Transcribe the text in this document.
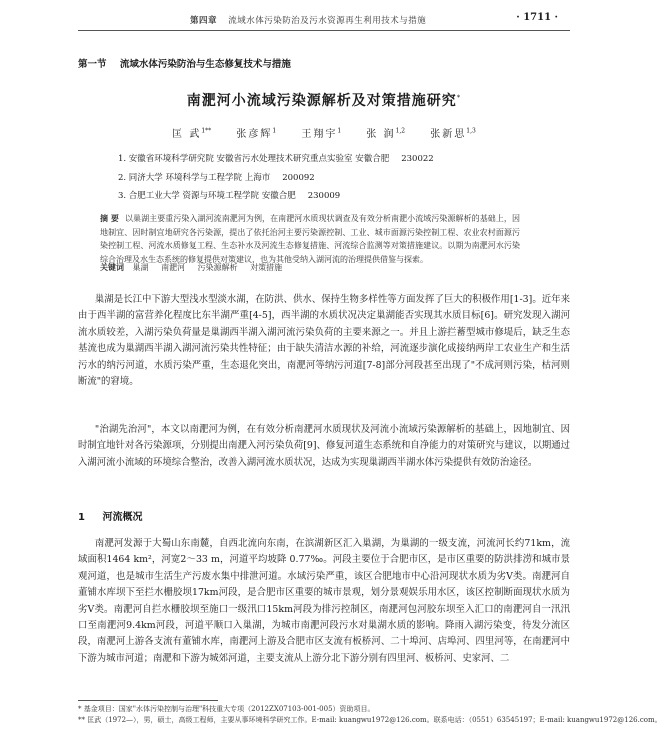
第四章 流域水体污染防治及污水资源再生利用技术与措施	· 1711 ·
第一节 流域水体污染防治与生态修复技术与措施
南淝河小流域污染源解析及对策措施研究*
匡 武$^{1**}$	张彦辉$^1$	王翔宇$^1$	张 润$^{1,2}$	张新思$^{1,3}$
1. 安徽省环境科学研究院 安徽省污水处理技术研究重点实验室 安徽合肥 230022
2. 同济大学 环境科学与工程学院 上海市 200092
3. 合肥工业大学 资源与环境工程学院 安徽合肥 230009
摘 要 以巢湖主要重污染入湖河流南淝河为例，在南淝河水质现状调查及有效分析南淝小流域污染源解析的基础上，因地制宜、因时制宜地研究各污染源，提出了依托治河主要污染源控制、工业、城市面源污染控制工程、农业农村面源污染控制工程、河流水质修复工程、生态补水及河流生态修复措施、河流综合监测等对策措施建议。以期为南淝河水污染综合治理及水生态系统的修复提供对策建议，也为其他受纳入湖河流的治理提供借鉴与探索。
关键词 巢湖 南淝河 污染源解析 对策措施

巢湖是长江中下游大型浅水型淡水湖，在防洪、供水、保持生物多样性等方面发挥了巨大的积极作用[1-3]。近年来由于西半湖的富营养化程度比东半湖严重[4-5]，西半湖的水质状况决定巢湖能否实现其水质目标[6]。研究发现入湖河流水质较差，入湖污染负荷量是巢湖西半湖入湖河流污染负荷的主要来源之一。并且上游拦蓄型城市修堤后，缺乏生态基流也成为巢湖西半湖入湖河流污染共性特征；由于缺失清洁水源的补给，河流逐步演化成接纳两岸工农业生产和生活污水的纳污河道，水质污染严重，生态退化突出，南淝河等纳污河道[7-8]部分河段甚至出现了"不成河则污染，枯河则断流"的窘境。

"治湖先治河"，本文以南淝河为例，在有效分析南淝河水质现状及河流小流域污染源解析的基础上，因地制宜、因时制宜地针对各污染源项，分别提出南淝入河污染负荷[9]、修复河道生态系统和自净能力的对策研究与建议，以期通过入湖河流小流域的环境综合整治，改善入湖河流水质状况，达成为实现巢湖西半湖水体污染提供有效防治途径。

1 河流概况

南淝河发源于大蜀山东南麓，自西北流向东南，在滨湖新区汇入巢湖，为巢湖的一级支流，河流河长约71km，流域面积1464 km²，河宽2～33 m，河道平均坡降 0.77‰。河段主要位于合肥市区，是市区重要的防洪排涝和城市景观河道，也是城市生活生产污废水集中排泄河道。水域污染严重，该区合肥地市中心沿河现状水质为劣V类。南淝河自董铺水库坝下至拦水栅胶坝17km河段，是合肥市区重要的城市景观，划分景观娱乐用水区，该区控制断面现状水质为劣V类。南淝河自拦水栅胶坝至施口一级汛口15km河段为排污控制区，南淝河包河胶东坝至入汇口的南淝河自一汛汛口至南淝河9.4km河段，河道平顺口入巢湖，为城市南淝河段污水对巢湖水质的影响。降雨入湖污染变，待发分流区段，南淝河上游各支流有董铺水库，南淝河上游及合肥市区支流有板桥河、二十埠河、店埠河、四里河等，在南淝河中下游为城市河道；南淝和下游为城郊河道，主要支流从上游分北下游分别有四里河、板桥河、史家河、二

* 基金项目：国家"水体污染控制与治理"科技重大专项（2012ZX07103-001-005）资助项目。
** 匡武（1972—），男，硕士，高级工程师，主要从事环境科学研究工作。E-mail: kuangwu1972@126.com。联系电话：（0551）63545197；E-mail: kuangwu1972@126.com。
